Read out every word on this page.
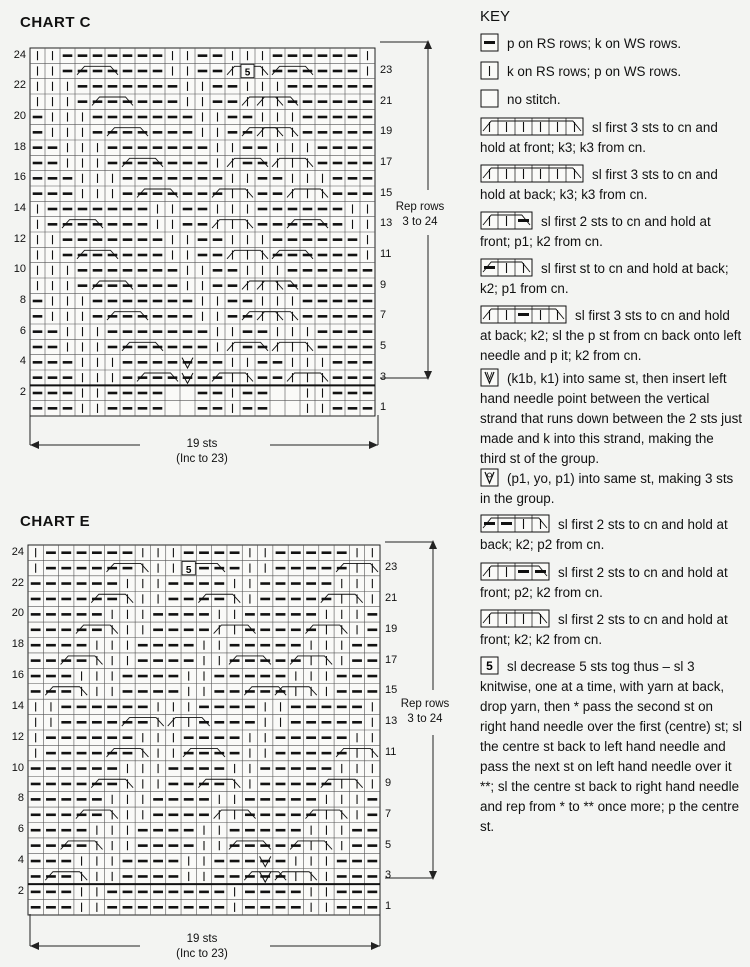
CHART C
5
24
22
20
18
16
14
12
10
8
6
4
2
23
21
19
17
15
13
11
9
7
5
3
1
Rep rows
3 to 24
19 sts
(Inc to 23)
CHART E
5
24
22
20
18
16
14
12
10
8
6
4
2
23
21
19
17
15
13
11
9
7
5
3
1
Rep rows
3 to 24
19 sts
(Inc to 23)
KEY
p on RS rows; k on WS rows.
k on RS rows; p on WS rows.
no stitch.
sl first 3 sts to cn and hold at front; k3; k3 from cn.
sl first 3 sts to cn and hold at back; k3; k3 from cn.
sl first 2 sts to cn and hold at front; p1; k2 from cn.
sl first st to cn and hold at back; k2; p1 from cn.
sl first 3 sts to cn and hold at back; k2; sl the p st from cn back onto left needle and p it; k2 from cn.
(k1b, k1) into same st, then insert left hand needle point between the vertical strand that runs down between the 2 sts just made and k into this strand, making the third st of the group.
(p1, yo, p1) into same st, making 3 sts in the group.
sl first 2 sts to cn and hold at back; k2; p2 from cn.
sl first 2 sts to cn and hold at front; p2; k2 from cn.
sl first 2 sts to cn and hold at front; k2; k2 from cn.
5 sl decrease 5 sts tog thus – sl 3 knitwise, one at a time, with yarn at back, drop yarn, then * pass the second st on right hand needle over the first (centre) st; sl the centre st back to left hand needle and pass the next st on left hand needle over it **; sl the centre st back to right hand needle and rep from * to ** once more; p the centre st.
